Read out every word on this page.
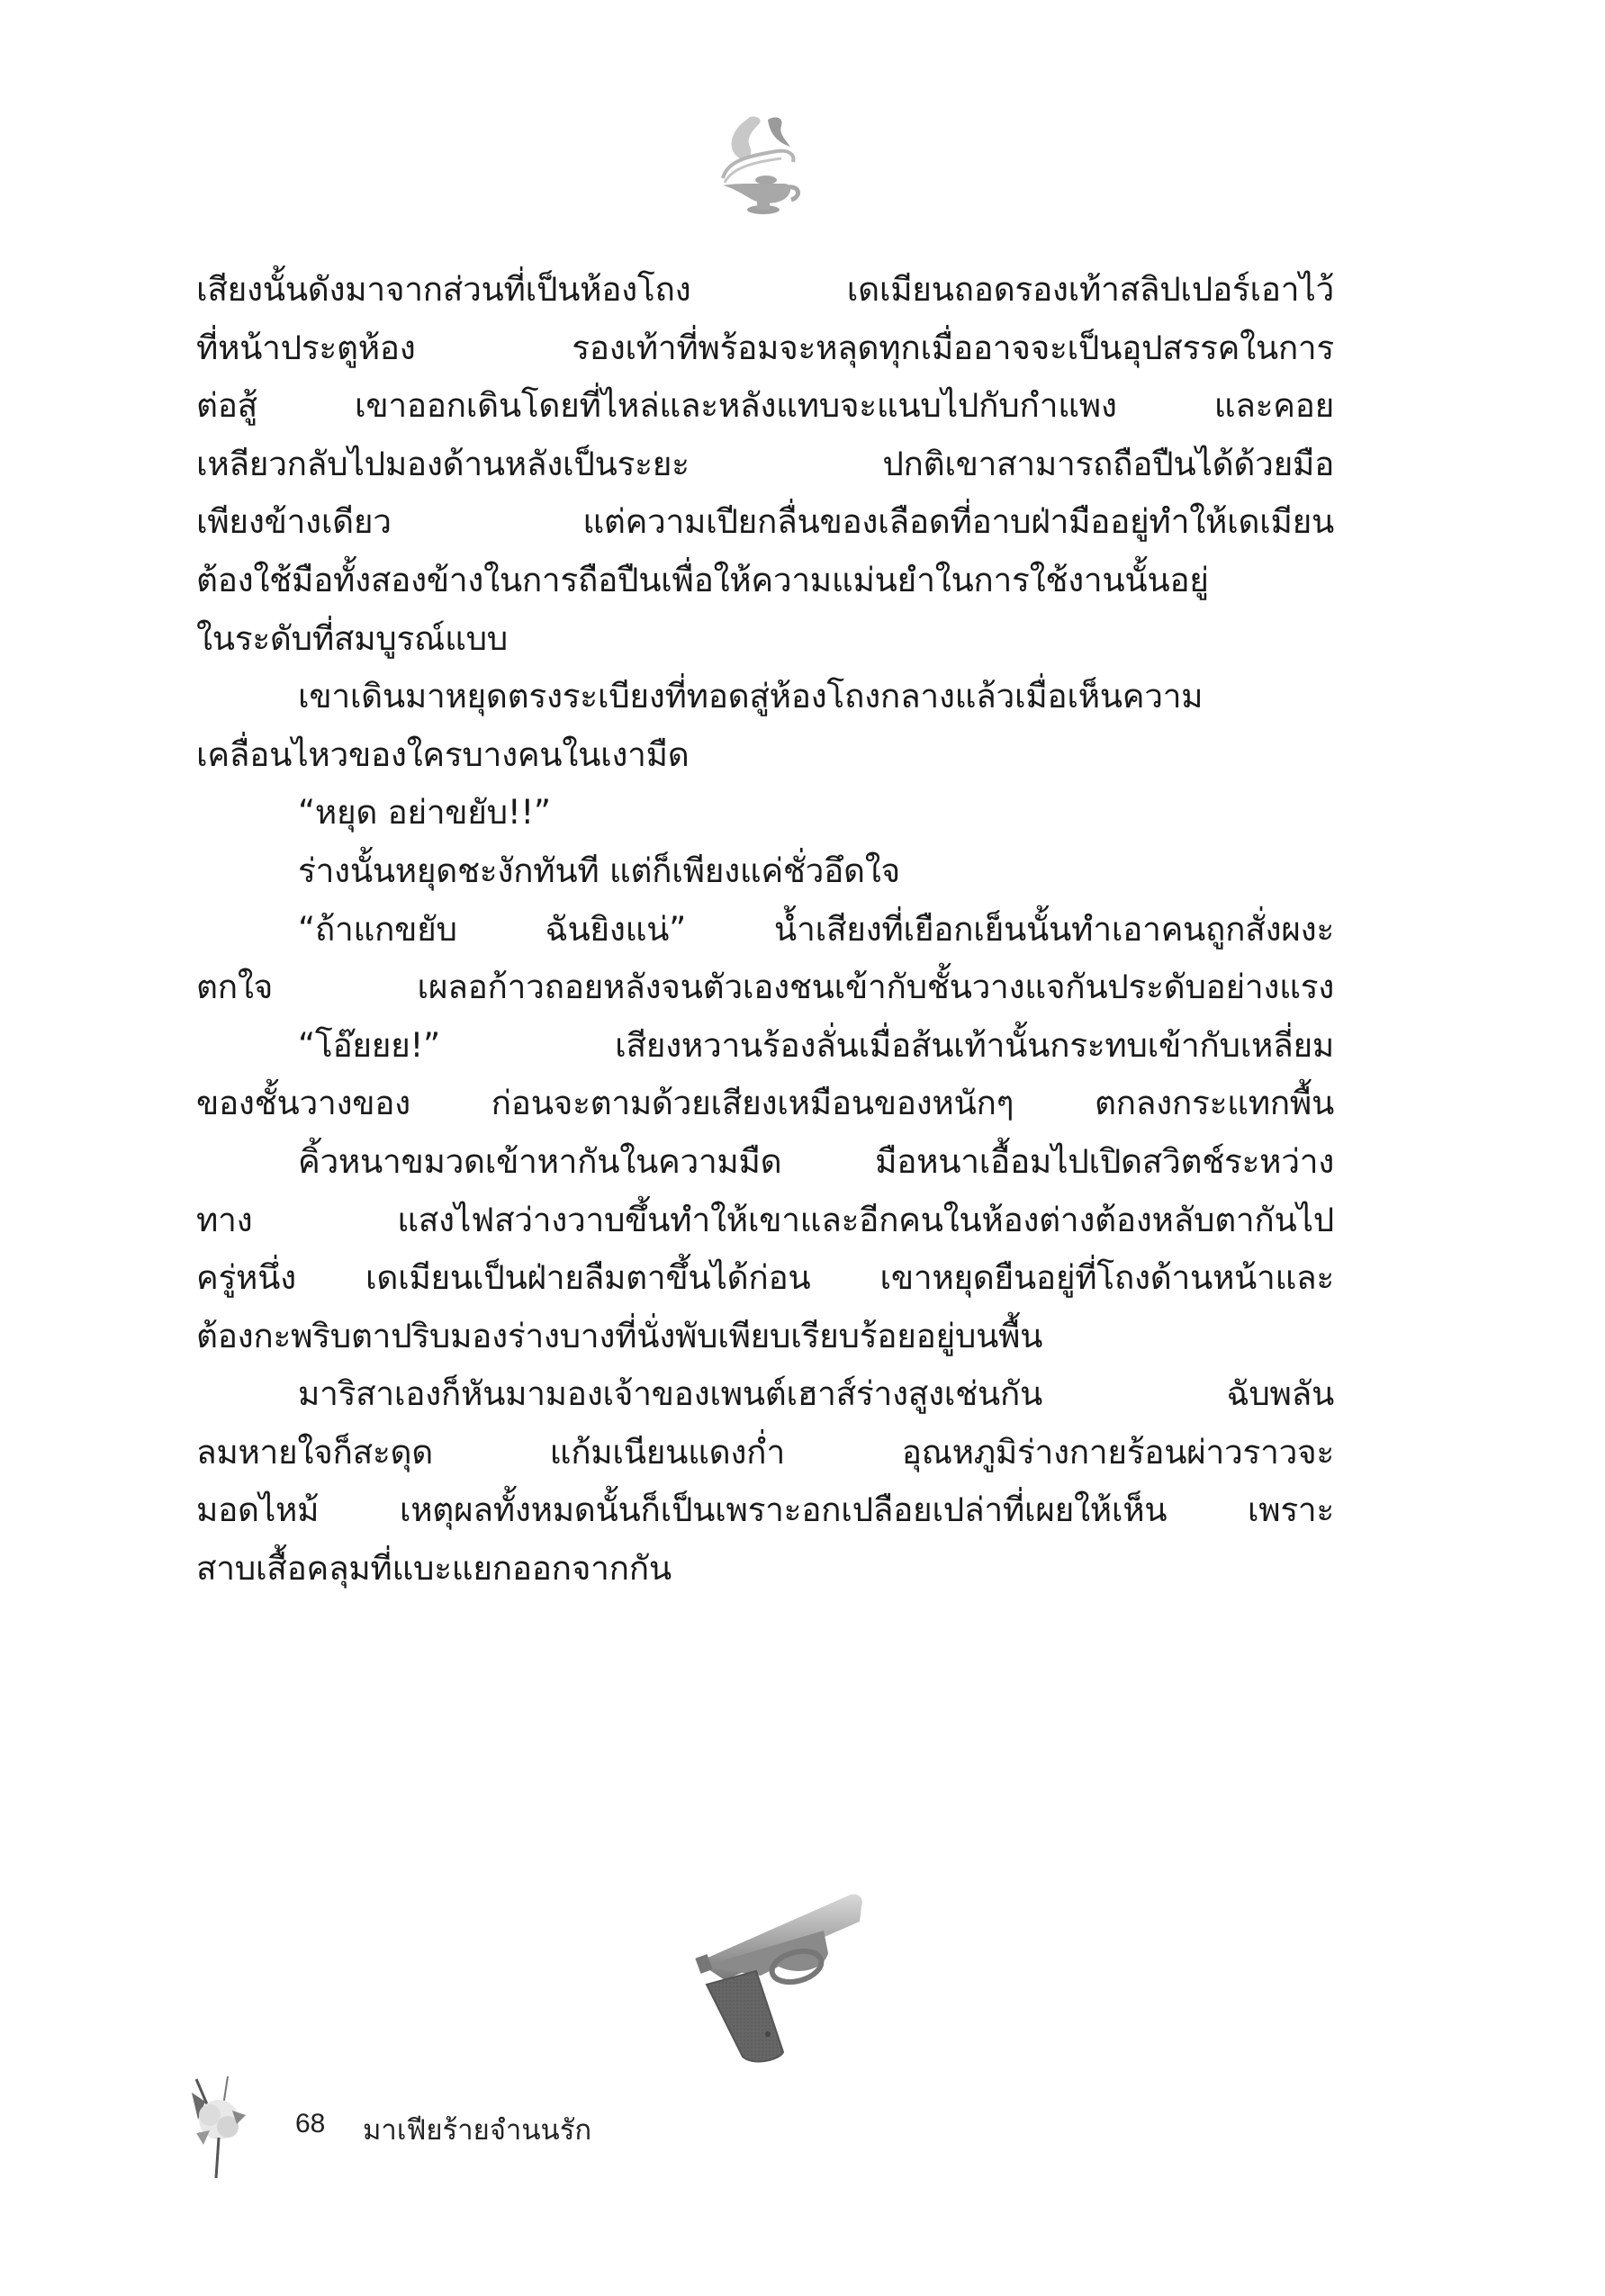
เสียงนั้นดังมาจากส่วนที่เป็นห้องโถง เดเมียนถอดรองเท้าสลิปเปอร์เอาไว้
ที่หน้าประตูห้อง รองเท้าที่พร้อมจะหลุดทุกเมื่ออาจจะเป็นอุปสรรคในการ
ต่อสู้ เขาออกเดินโดยที่ไหล่และหลังแทบจะแนบไปกับกำแพง และคอย
เหลียวกลับไปมองด้านหลังเป็นระยะ ปกติเขาสามารถถือปืนได้ด้วยมือ
เพียงข้างเดียว แต่ความเปียกลื่นของเลือดที่อาบฝ่ามืออยู่ทำให้เดเมียน
ต้องใช้มือทั้งสองข้างในการถือปืนเพื่อให้ความแม่นยำในการใช้งานนั้นอยู่
ในระดับที่สมบูรณ์แบบ
เขาเดินมาหยุดตรงระเบียงที่ทอดสู่ห้องโถงกลางแล้วเมื่อเห็นความ
เคลื่อนไหวของใครบางคนในเงามืด
“หยุด อย่าขยับ!!”
ร่างนั้นหยุดชะงักทันที แต่ก็เพียงแค่ชั่วอึดใจ
“ถ้าแกขยับ ฉันยิงแน่” น้ำเสียงที่เยือกเย็นนั้นทำเอาคนถูกสั่งผงะ
ตกใจ เผลอก้าวถอยหลังจนตัวเองชนเข้ากับชั้นวางแจกันประดับอย่างแรง
“โอ๊ยยย!” เสียงหวานร้องลั่นเมื่อส้นเท้านั้นกระทบเข้ากับเหลี่ยม
ของชั้นวางของ ก่อนจะตามด้วยเสียงเหมือนของหนักๆ ตกลงกระแทกพื้น
คิ้วหนาขมวดเข้าหากันในความมืด มือหนาเอื้อมไปเปิดสวิตช์ระหว่าง
ทาง แสงไฟสว่างวาบขึ้นทำให้เขาและอีกคนในห้องต่างต้องหลับตากันไป
ครู่หนึ่ง เดเมียนเป็นฝ่ายลืมตาขึ้นได้ก่อน เขาหยุดยืนอยู่ที่โถงด้านหน้าและ
ต้องกะพริบตาปริบมองร่างบางที่นั่งพับเพียบเรียบร้อยอยู่บนพื้น
มาริสาเองก็หันมามองเจ้าของเพนต์เฮาส์ร่างสูงเช่นกัน ฉับพลัน
ลมหายใจก็สะดุด แก้มเนียนแดงก่ำ อุณหภูมิร่างกายร้อนผ่าวราวจะ
มอดไหม้ เหตุผลทั้งหมดนั้นก็เป็นเพราะอกเปลือยเปล่าที่เผยให้เห็น เพราะ
สาบเสื้อคลุมที่แบะแยกออกจากกัน
68 มาเฟียร้ายจำนนรัก
